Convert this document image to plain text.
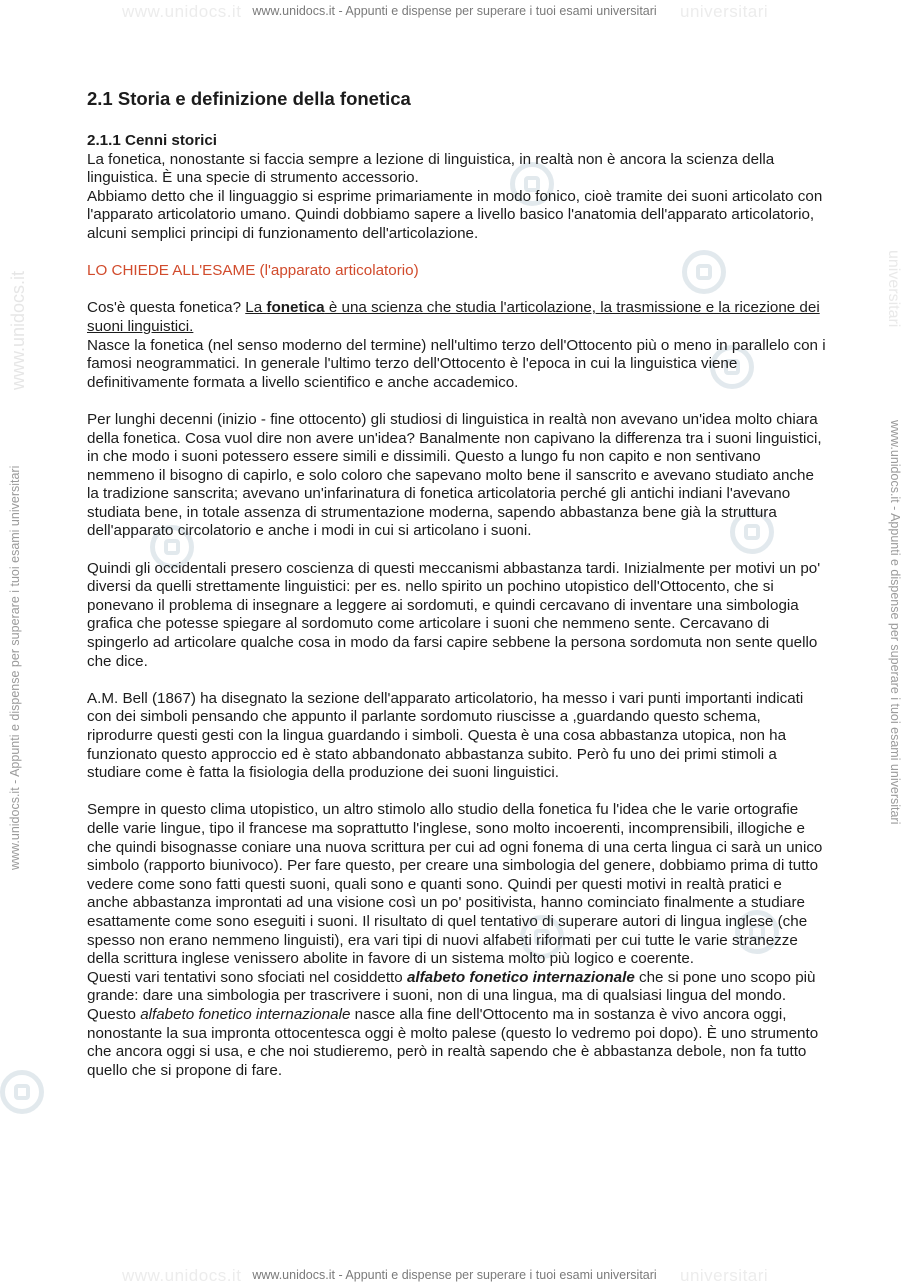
www.unidocs.it	universitari
www.unidocs.it - Appunti e dispense per superare i tuoi esami universitari
www.unidocs.it	universitari
www.unidocs.it - Appunti e dispense per superare i tuoi esami universitari
www.unidocs.it
www.unidocs.it - Appunti e dispense per superare i tuoi esami universitari
universitari
www.unidocs.it - Appunti e dispense per superare i tuoi esami universitari
2.1 Storia e definizione della fonetica
2.1.1 Cenni storici
La fonetica, nonostante si faccia sempre a lezione di linguistica, in realtà non è ancora la scienza della linguistica. È una specie di strumento accessorio.

Abbiamo detto che il linguaggio si esprime primariamente in modo fonico, cioè tramite dei suoni articolato con l'apparato articolatorio umano. Quindi dobbiamo sapere a livello basico l'anatomia dell'apparato articolatorio, alcuni semplici principi di funzionamento dell'articolazione.

LO CHIEDE ALL'ESAME (l'apparato articolatorio)

Cos'è questa fonetica? La fonetica è una scienza che studia l'articolazione, la trasmissione e la ricezione dei suoni linguistici.
Nasce la fonetica (nel senso moderno del termine) nell'ultimo terzo dell'Ottocento più o meno in parallelo con i famosi neogrammatici. In generale l'ultimo terzo dell'Ottocento è l'epoca in cui la linguistica viene definitivamente formata a livello scientifico e anche accademico.

Per lunghi decenni (inizio - fine ottocento) gli studiosi di linguistica in realtà non avevano un'idea molto chiara della fonetica. Cosa vuol dire non avere un'idea? Banalmente non capivano la differenza tra i suoni linguistici, in che modo i suoni potessero essere simili e dissimili. Questo a lungo fu non capito e non sentivano nemmeno il bisogno di capirlo, e solo coloro che sapevano molto bene il sanscrito e avevano studiato anche la tradizione sanscrita; avevano un'infarinatura di fonetica articolatoria perché gli antichi indiani l'avevano studiata bene, in totale assenza di strumentazione moderna, sapendo abbastanza bene già la struttura dell'apparato circolatorio e anche i modi in cui si articolano i suoni.

Quindi gli occidentali presero coscienza di questi meccanismi abbastanza tardi. Inizialmente per motivi un po' diversi da quelli strettamente linguistici: per es. nello spirito un pochino utopistico dell'Ottocento, che si ponevano il problema di insegnare a leggere ai sordomuti, e quindi cercavano di inventare una simbologia grafica che potesse spiegare al sordomuto come articolare i suoni che nemmeno sente. Cercavano di spingerlo ad articolare qualche cosa in modo da farsi capire sebbene la persona sordomuta non sente quello che dice.

A.M. Bell (1867) ha disegnato la sezione dell'apparato articolatorio, ha messo i vari punti importanti indicati con dei simboli pensando che appunto il parlante sordomuto riuscisse a ,guardando questo schema, riprodurre questi gesti con la lingua guardando i simboli. Questa è una cosa abbastanza utopica, non ha funzionato questo approccio ed è stato abbandonato abbastanza subito. Però fu uno dei primi stimoli a studiare come è fatta la fisiologia della produzione dei suoni linguistici.

Sempre in questo clima utopistico, un altro stimolo allo studio della fonetica fu l'idea che le varie ortografie delle varie lingue, tipo il francese ma soprattutto l'inglese, sono molto incoerenti, incomprensibili, illogiche e che quindi bisognasse coniare una nuova scrittura per cui ad ogni fonema di una certa lingua ci sarà un unico simbolo (rapporto biunivoco). Per fare questo, per creare una simbologia del genere, dobbiamo prima di tutto vedere come sono fatti questi suoni, quali sono e quanti sono. Quindi per questi motivi in realtà pratici e anche abbastanza improntati ad una visione così un po' positivista, hanno cominciato finalmente a studiare esattamente come sono eseguiti i suoni. Il risultato di quel tentativo di superare autori di lingua inglese (che spesso non erano nemmeno linguisti), era vari tipi di nuovi alfabeti riformati per cui tutte le varie stranezze della scrittura inglese venissero abolite in favore di un sistema molto più logico e coerente.
Questi vari tentativi sono sfociati nel cosiddetto alfabeto fonetico internazionale che si pone uno scopo più grande: dare una simbologia per trascrivere i suoni, non di una lingua, ma di qualsiasi lingua del mondo.
Questo alfabeto fonetico internazionale nasce alla fine dell'Ottocento ma in sostanza è vivo ancora oggi, nonostante la sua impronta ottocentesca oggi è molto palese (questo lo vedremo poi dopo). È uno strumento che ancora oggi si usa, e che noi studieremo, però in realtà sapendo che è abbastanza debole, non fa tutto quello che si propone di fare.
